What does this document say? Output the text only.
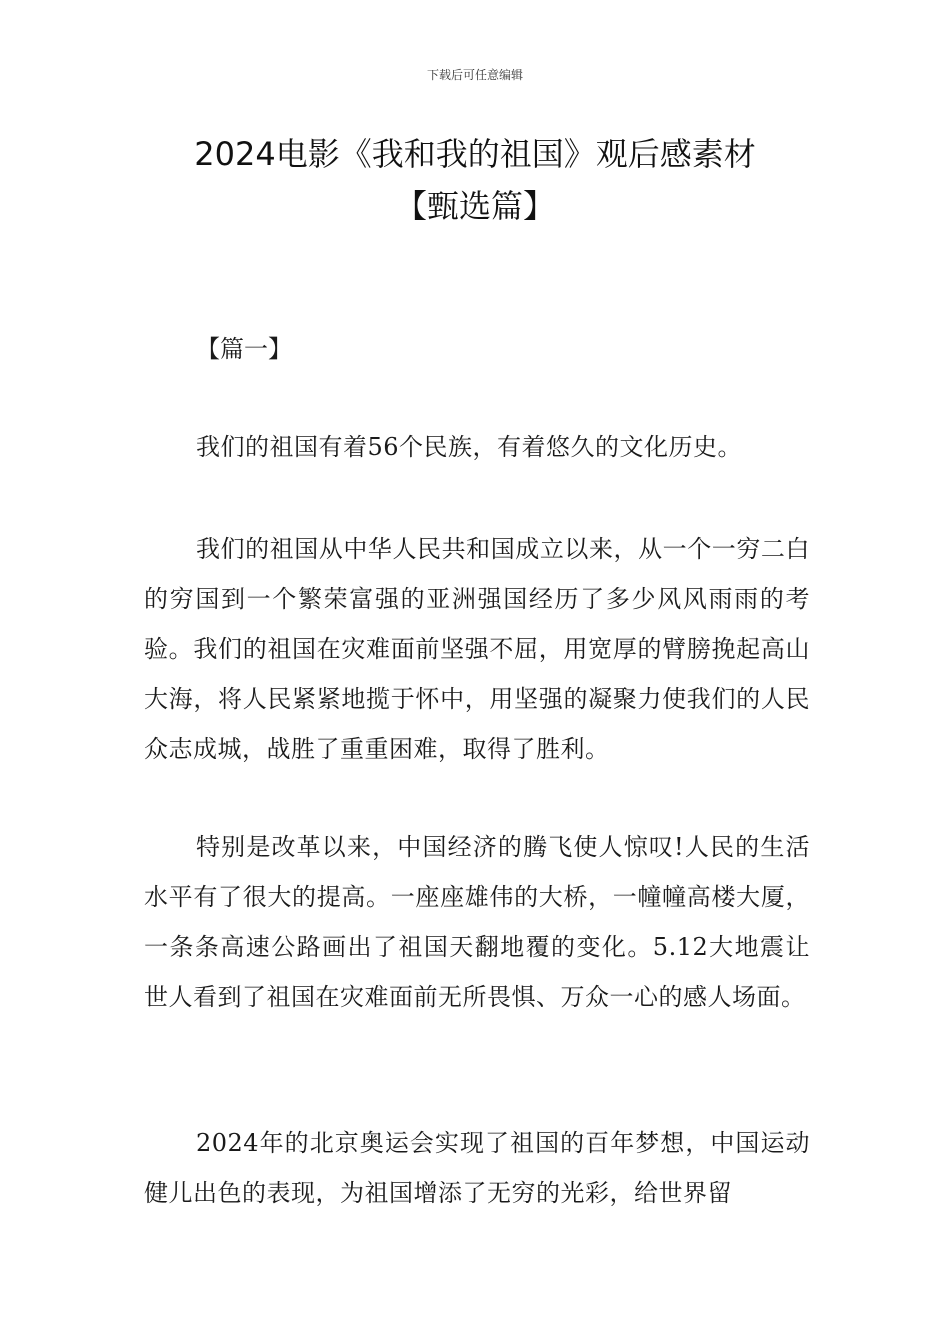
下载后可任意编辑
2024电影《我和我的祖国》观后感素材
【甄选篇】
【篇一】

我们的祖国有着56个民族，有着悠久的文化历史。

我们的祖国从中华人民共和国成立以来，从一个一穷二白的穷国到一个繁荣富强的亚洲强国经历了多少风风雨雨的考验。我们的祖国在灾难面前坚强不屈，用宽厚的臂膀挽起高山大海，将人民紧紧地揽于怀中，用坚强的凝聚力使我们的人民众志成城，战胜了重重困难，取得了胜利。

特别是改革以来，中国经济的腾飞使人惊叹!人民的生活水平有了很大的提高。一座座雄伟的大桥，一幢幢高楼大厦，一条条高速公路画出了祖国天翻地覆的变化。5.12大地震让世人看到了祖国在灾难面前无所畏惧、万众一心的感人场面。

2024年的北京奥运会实现了祖国的百年梦想，中国运动健儿出色的表现，为祖国增添了无穷的光彩，给世界留
